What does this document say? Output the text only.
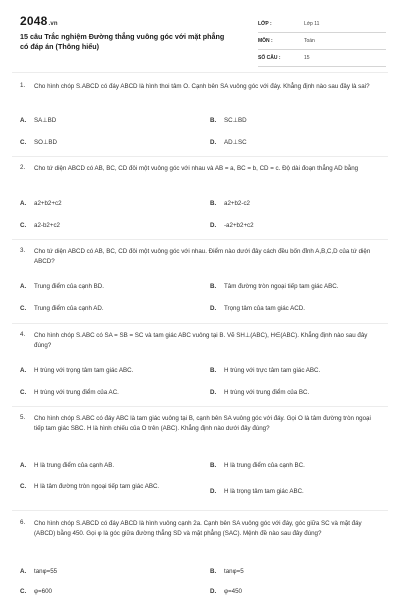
2048.vn
15 câu Trắc nghiệm Đường thẳng vuông góc với mặt phẳng có đáp án (Thông hiểu)
LỚP :	Lớp 11
MÔN :	Toán
SỐ CÂU :	15
1. Cho hình chóp S.ABCD có đáy ABCD là hình thoi tâm O. Cạnh bên SA vuông góc với đáy. Khẳng định nào sau đây là sai?
A. SA⊥BD	B. SC⊥BD
C. SO⊥BD	D. AD⊥SC
2. Cho tứ diện ABCD có AB, BC, CD đôi một vuông góc với nhau và AB = a, BC = b, CD = c. Độ dài đoạn thẳng AD bằng
A. a2+b2+c2	B. a2+b2-c2
C. a2-b2+c2	D. -a2+b2+c2
3. Cho tứ diện ABCD có AB, BC, CD đôi một vuông góc với nhau. Điểm nào dưới đây cách đều bốn đỉnh A,B,C,D của tứ diện ABCD?
A. Trung điểm của cạnh BD.	B. Tâm đường tròn ngoại tiếp tam giác ABC.
C. Trung điểm của cạnh AD.	D. Trọng tâm của tam giác ACD.
4. Cho hình chóp S.ABC có SA = SB = SC và tam giác ABC vuông tại B. Vẽ SH⊥(ABC), H∈(ABC). Khẳng định nào sau đây đúng?
A. H trùng với trọng tâm tam giác ABC.	B. H trùng với trực tâm tam giác ABC.
C. H trùng với trung điểm của AC.	D. H trùng với trung điểm của BC.
5. Cho hình chóp S.ABC có đáy ABC là tam giác vuông tại B, cạnh bên SA vuông góc với đáy. Gọi O là tâm đường tròn ngoại tiếp tam giác SBC. H là hình chiếu của O trên (ABC). Khẳng định nào dưới đây đúng?
A. H là trung điểm của cạnh AB.	B. H là trung điểm của cạnh BC.
C. H là tâm đường tròn ngoại tiếp tam giác ABC.
D. H là trọng tâm tam giác ABC.
6. Cho hình chóp S.ABCD có đáy ABCD là hình vuông cạnh 2a. Cạnh bên SA vuông góc với đáy, góc giữa SC và mặt đáy (ABCD) bằng 450. Gọi φ là góc giữa đường thẳng SD và mặt phẳng (SAC). Mệnh đề nào sau đây đúng?
A. tanφ=55	B. tanφ=5
C. φ=600	D. φ=450
